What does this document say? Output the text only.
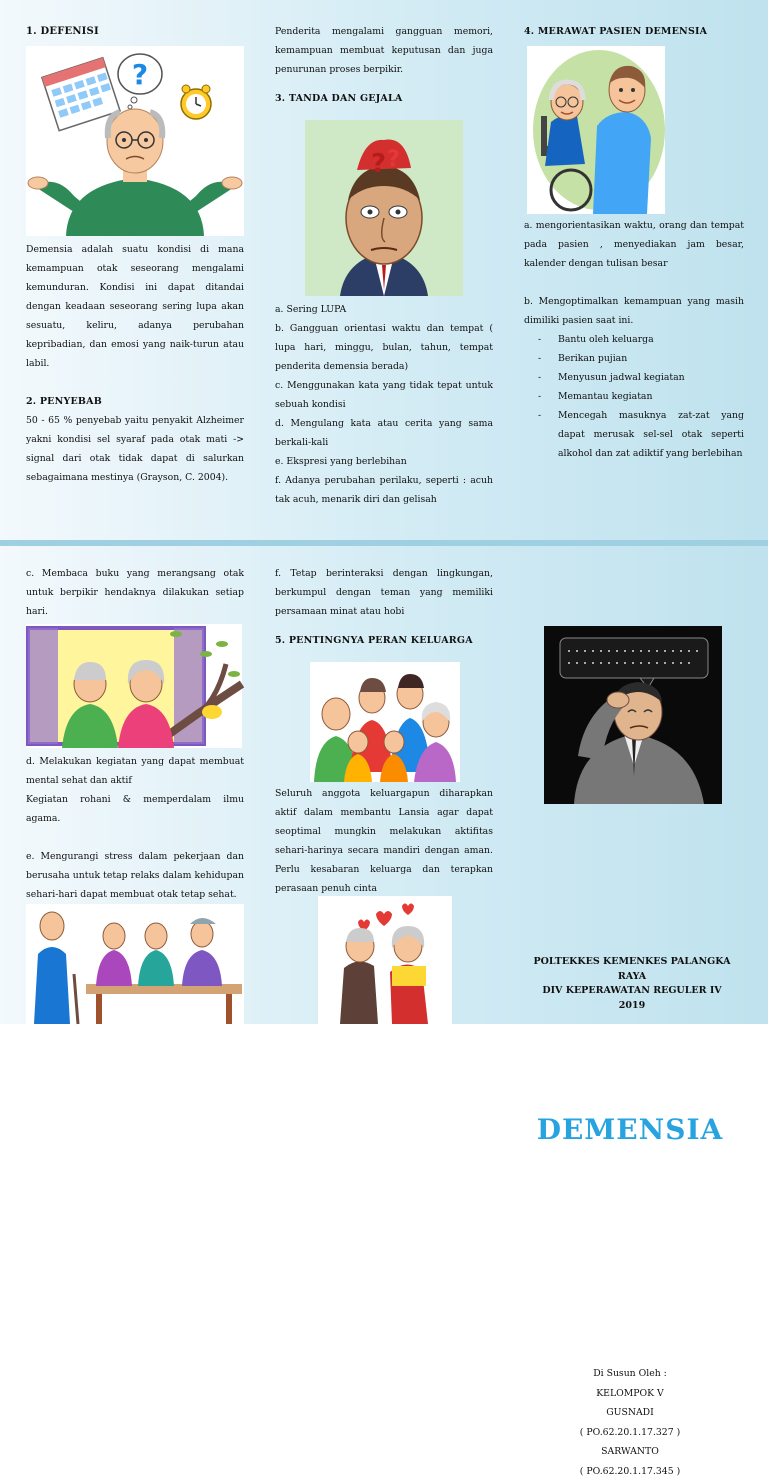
1. DEFENISI

?

Demensia adalah suatu kondisi di mana kemampuan otak seseorang mengalami kemunduran. Kondisi ini dapat ditandai dengan keadaan seseorang sering lupa akan sesuatu, keliru, adanya perubahan kepribadian, dan emosi yang naik-turun atau labil.

2. PENYEBAB

50 - 65 % penyebab yaitu penyakit Alzheimer yakni kondisi sel syaraf pada otak mati -> signal dari otak tidak dapat di salurkan sebagaimana mestinya (Grayson, C. 2004).

Penderita mengalami gangguan memori, kemampuan membuat keputusan dan juga penurunan proses berpikir.

3. TANDA DAN GEJALA

? ?

a. Sering LUPA

b. Gangguan orientasi waktu dan tempat ( lupa hari, minggu, bulan, tahun, tempat penderita demensia berada)

c. Menggunakan kata yang tidak tepat untuk sebuah kondisi

d. Mengulang kata atau cerita yang sama berkali-kali

e. Ekspresi yang berlebihan

f. Adanya perubahan perilaku, seperti : acuh tak acuh, menarik diri dan gelisah

4. MERAWAT PASIEN DEMENSIA

a. mengorientasikan waktu, orang dan tempat pada pasien , menyediakan jam besar, kalender dengan tulisan besar

b. Mengoptimalkan kemampuan yang masih dimiliki pasien saat ini.

- Bantu oleh keluarga
- Berikan pujian
- Menyusun jadwal kegiatan
- Memantau kegiatan
- Mencegah masuknya zat-zat yang dapat merusak sel-sel otak seperti alkohol dan zat adiktif yang berlebihan

c. Membaca buku yang merangsang otak untuk berpikir hendaknya dilakukan setiap hari.

d. Melakukan kegiatan yang dapat membuat mental sehat dan aktif

Kegiatan rohani & memperdalam ilmu agama.

e. Mengurangi stress dalam pekerjaan dan berusaha untuk tetap relaks dalam kehidupan sehari-hari dapat membuat otak tetap sehat.

f. Tetap berinteraksi dengan lingkungan, berkumpul dengan teman yang memiliki persamaan minat atau hobi

5. PENTINGNYA PERAN KELUARGA

Seluruh anggota keluargapun diharapkan aktif dalam membantu Lansia agar dapat seoptimal mungkin melakukan aktifitas sehari-harinya secara mandiri dengan aman. Perlu kesabaran keluarga dan terapkan perasaan penuh cinta

DEMENSIA
Di Susun Oleh :
KELOMPOK V
GUSNADI
( PO.62.20.1.17.327 )
SARWANTO
( PO.62.20.1.17.345 )
POLTEKKES KEMENKES PALANGKA RAYA
DIV KEPERAWATAN REGULER IV
2019
